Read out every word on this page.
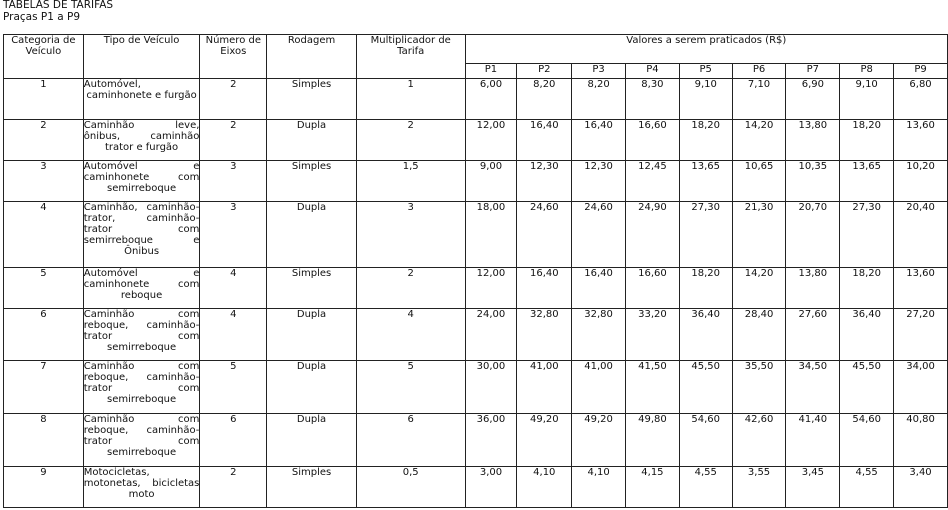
TABELAS DE TARIFAS
Praças P1 a P9
Categoria de Veículo	Tipo de Veículo	Número de Eixos	Rodagem	Multiplicador de Tarifa	Valores a serem praticados (R$)								
					P1	P2	P3	P4	P5	P6	P7	P8	P9
1	Automóvel, caminhonete e furgão	2	Simples	1	6,00	8,20	8,20	8,30	9,10	7,10	6,90	9,10	6,80
2	Caminhão leve, ônibus, caminhão trator e furgão	2	Dupla	2	12,00	16,40	16,40	16,60	18,20	14,20	13,80	18,20	13,60
3	Automóvel e caminhonete com semirreboque	3	Simples	1,5	9,00	12,30	12,30	12,45	13,65	10,65	10,35	13,65	10,20
4	Caminhão, caminhão-trator, caminhão-trator com semirreboque e Ônibus	3	Dupla	3	18,00	24,60	24,60	24,90	27,30	21,30	20,70	27,30	20,40
5	Automóvel e caminhonete com reboque	4	Simples	2	12,00	16,40	16,40	16,60	18,20	14,20	13,80	18,20	13,60
6	Caminhão com reboque, caminhão-trator com semirreboque	4	Dupla	4	24,00	32,80	32,80	33,20	36,40	28,40	27,60	36,40	27,20
7	Caminhão com reboque, caminhão-trator com semirreboque	5	Dupla	5	30,00	41,00	41,00	41,50	45,50	35,50	34,50	45,50	34,00
8	Caminhão com reboque, caminhão-trator com semirreboque	6	Dupla	6	36,00	49,20	49,20	49,80	54,60	42,60	41,40	54,60	40,80
9	Motocicletas, motonetas, bicicletas moto	2	Simples	0,5	3,00	4,10	4,10	4,15	4,55	3,55	3,45	4,55	3,40
